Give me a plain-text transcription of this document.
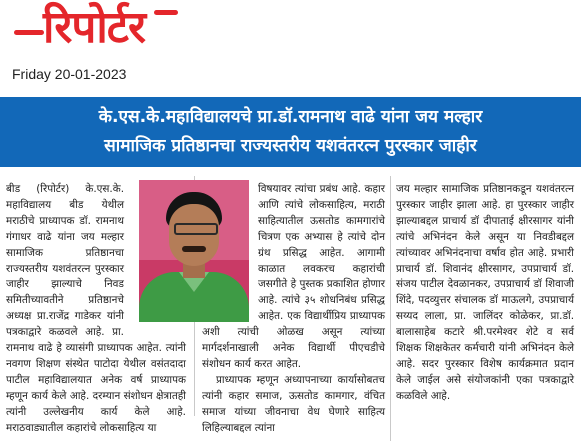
रिपोर्टर
Friday 20-01-2023
के.एस.के.महाविद्यालयचे प्रा.डॉ.रामनाथ वाढे यांना जय मल्हार
सामाजिक प्रतिष्ठानचा राज्यस्तरीय यशवंतरत्न पुरस्कार जाहीर

बीड (रिपोर्टर) के.एस.के. महाविद्यालय बीड येथील मराठीचे प्राध्यापक डॉ. रामनाथ गंगाधर वाढे यांना जय मल्हार सामाजिक प्रतिष्ठानचा राज्यस्तरीय यशवंतरत्न पुरस्कार जाहीर झाल्याचे निवड समितीच्यावतीने प्रतिष्ठानचे अध्यक्ष प्रा.राजेंद्र गाडेकर यांनी पत्रकाद्वारे कळवले आहे. प्रा. रामनाथ वाढे हे व्यासंगी प्राध्यापक आहेत. त्यांनी नवगण शिक्षण संस्थेत पाटोदा येथील वसंतदादा पाटील महाविद्यालयात अनेक वर्ष प्राध्यापक म्हणून कार्य केले आहे. दरम्यान संशोधन क्षेत्रातही त्यांनी उल्लेखनीय कार्य केले आहे. मराठवाड्यातील कहारांचे लोकसाहित्य या

विषयावर त्यांचा प्रबंध आहे. कहार आणि त्यांचे लोकसाहित्य, मराठी साहित्यातील ऊसतोड कामगारांचे चित्रण एक अभ्यास हे त्यांचे दोन ग्रंथ प्रसिद्ध आहेत. आगामी काळात लवकरच कहारांची जसगीते हे पुस्तक प्रकाशित होणार आहे. त्यांचे ३५ शोधनिबंध प्रसिद्ध आहेत. एक विद्यार्थीप्रिय प्राध्यापक अशी त्यांची ओळख असून त्यांच्या मार्गदर्शनाखाली अनेक विद्यार्थी पीएचडीचे संशोधन कार्य करत आहेत.

प्राध्यापक म्हणून अध्यापनाच्या कार्यासोबतच त्यांनी कहार समाज, ऊसतोड कामगार, वंचित समाज यांच्या जीवनाचा वेध घेणारे साहित्य लिहिल्याबद्दल त्यांना

जय मल्हार सामाजिक प्रतिष्ठानकडून यशवंतरत्न पुरस्कार जाहीर झाला आहे. हा पुरस्कार जाहीर झाल्याबद्दल प्राचार्य डॉ दीपाताई क्षीरसागर यांनी त्यांचे अभिनंदन केले असून या निवडीबद्दल त्यांच्यावर अभिनंदनाचा वर्षाव होत आहे. प्रभारी प्राचार्य डॉ. शिवानंद क्षीरसागर, उपप्राचार्य डॉ. संजय पाटील देवळानकर, उपप्राचार्य डॉ शिवाजी शिंदे, पदव्युत्तर संचालक डॉ माऊलगे, उपप्राचार्य सय्यद लाला, प्रा. जालिंदर कोळेकर, प्रा.डॉ. बालासाहेब कटारे श्री.परमेश्वर शेटे व सर्व शिक्षक शिक्षकेतर कर्मचारी यांनी अभिनंदन केले आहे. सदर पुरस्कार विशेष कार्यक्रमात प्रदान केले जाईल असे संयोजकांनी एका पत्रकाद्वारे कळविले आहे.
